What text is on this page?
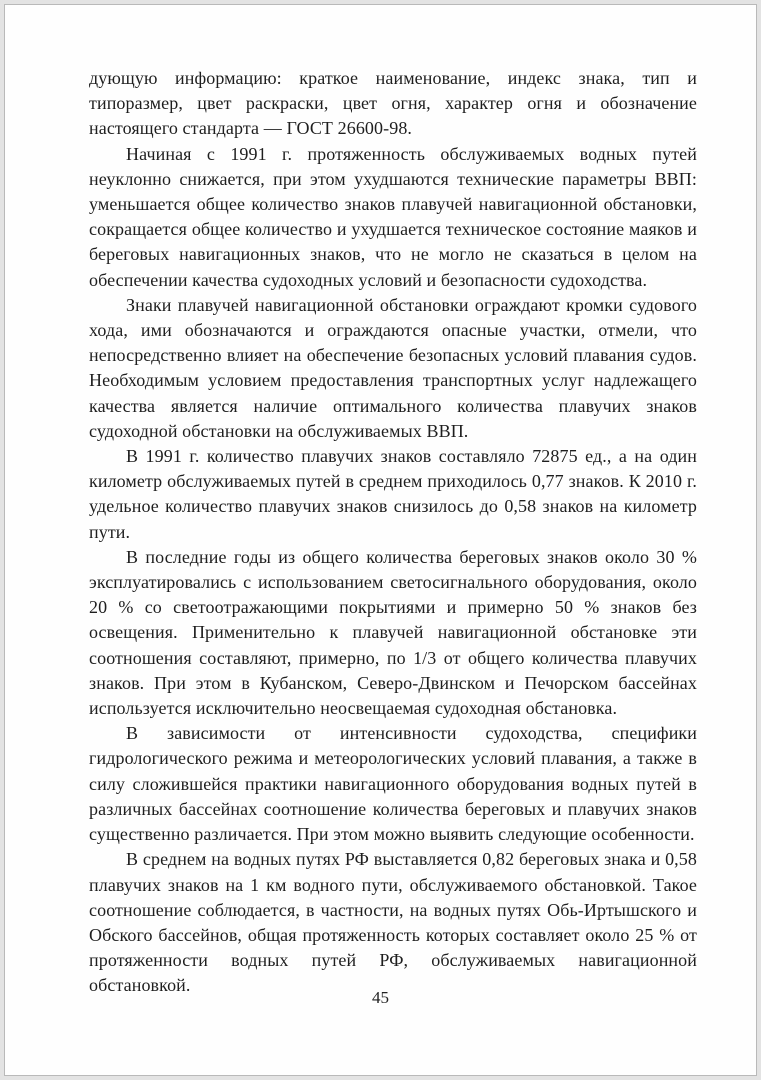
дующую информацию: краткое наименование, индекс знака, тип и типоразмер, цвет раскраски, цвет огня, характер огня и обозначение настоящего стандарта — ГОСТ 26600-98.

Начиная с 1991 г. протяженность обслуживаемых водных путей неуклонно снижается, при этом ухудшаются технические параметры ВВП: уменьшается общее количество знаков плавучей навигационной обстановки, сокращается общее количество и ухудшается техническое состояние маяков и береговых навигационных знаков, что не могло не сказаться в целом на обеспечении качества судоходных условий и безопасности судоходства.

Знаки плавучей навигационной обстановки ограждают кромки судового хода, ими обозначаются и ограждаются опасные участки, отмели, что непосредственно влияет на обеспечение безопасных условий плавания судов. Необходимым условием предоставления транспортных услуг надлежащего качества является наличие оптимального количества плавучих знаков судоходной обстановки на обслуживаемых ВВП.

В 1991 г. количество плавучих знаков составляло 72875 ед., а на один километр обслуживаемых путей в среднем приходилось 0,77 знаков. К 2010 г. удельное количество плавучих знаков снизилось до 0,58 знаков на километр пути.

В последние годы из общего количества береговых знаков около 30 % эксплуатировались с использованием светосигнального оборудования, около 20 % со светоотражающими покрытиями и примерно 50 % знаков без освещения. Применительно к плавучей навигационной обстановке эти соотношения составляют, примерно, по 1/3 от общего количества плавучих знаков. При этом в Кубанском, Северо-Двинском и Печорском бассейнах используется исключительно неосвещаемая судоходная обстановка.

В зависимости от интенсивности судоходства, специфики гидрологического режима и метеорологических условий плавания, а также в силу сложившейся практики навигационного оборудования водных путей в различных бассейнах соотношение количества береговых и плавучих знаков существенно различается. При этом можно выявить следующие особенности.

В среднем на водных путях РФ выставляется 0,82 береговых знака и 0,58 плавучих знаков на 1 км водного пути, обслуживаемого обстановкой. Такое соотношение соблюдается, в частности, на водных путях Обь-Иртышского и Обского бассейнов, общая протяженность которых составляет около 25 % от протяженности водных путей РФ, обслуживаемых навигационной обстановкой.

45
